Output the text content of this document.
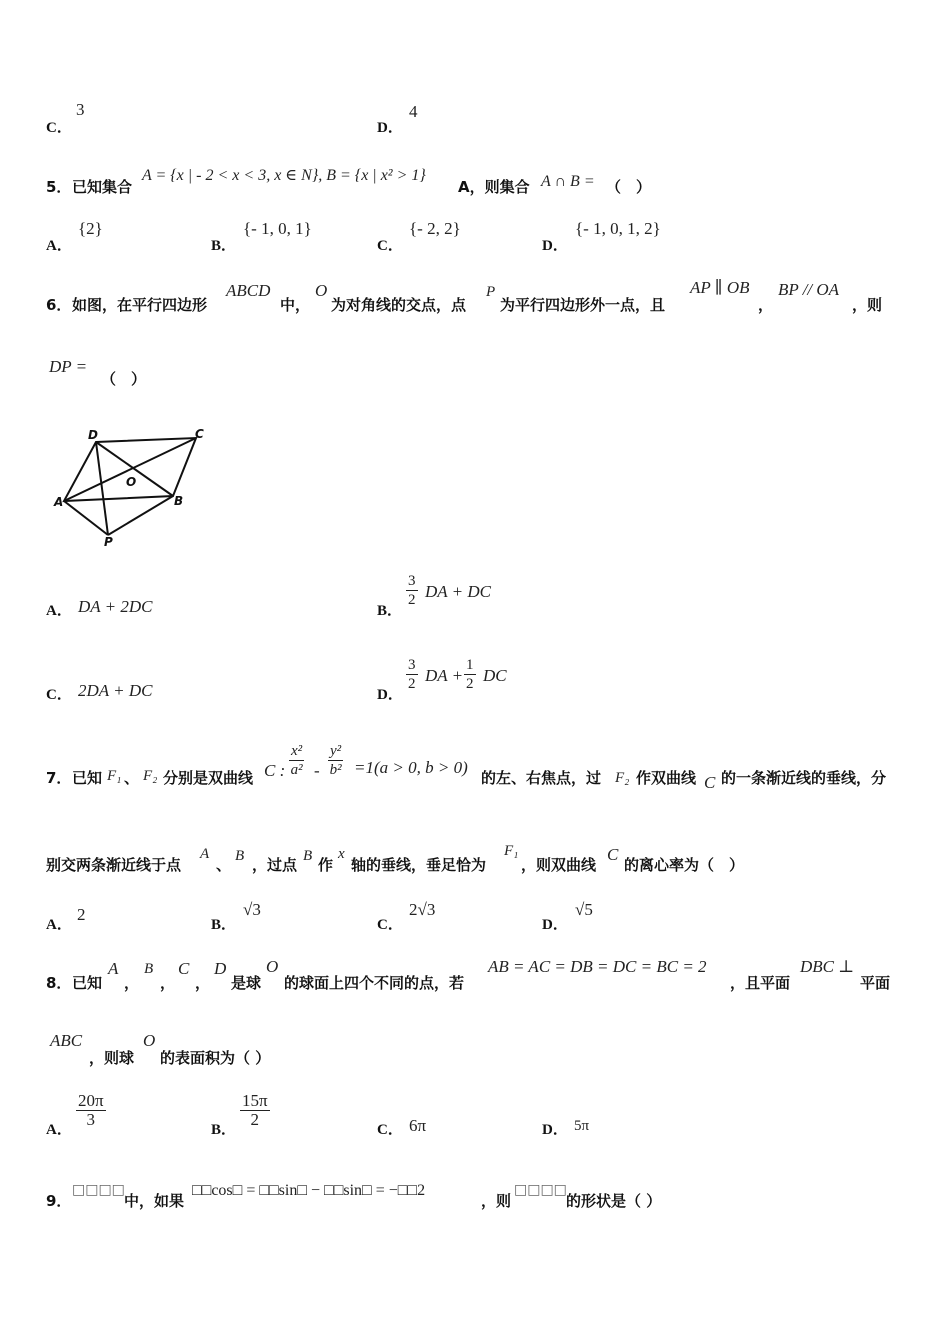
C．
3
D．
4
5． 已知集合
A = {x | - 2 < x < 3, x ∈ N}, B = {x | x² > 1}
A，则集合 A ∩ B = （　）
A．
{2}
B．
{- 1, 0, 1}
C．
{- 2, 2}
D．
{- 1, 0, 1, 2}
6． 如图，在平行四边形
ABCD
中，
O
为对角线的交点，点
P
为平行四边形外一点，且
AP ∥ OB
，
BP // OA
，则
DP =
（　）
D	C
A
O
B
P
A． DA + 2DC	B．
$\frac{3}{2}$ DA + DC
C． 2DA + DC	D．
$\frac{3}{2}$ DA + $\frac{1}{2}$ DC
7． 已知 F₁ 、 F₂ 分别是双曲线 C : $\frac{\text{x²}}{\text{a²}} - \frac{\text{y²}}{\text{b²}} =1(a > 0$, b > 0)
的左、右焦点，过 F₂ 作双曲线 C 的一条渐近线的垂线，分
别交两条渐近线于点
A
、 B ，过点 B 作
x
轴的垂线，垂足恰为
F₁
，则双曲线
C
的离心率为（　）
A．
2
B．
√3
C．
2√3
D．
√5
8． 已知
A
，
B
，
C
，
D
是球
O
的球面上四个不同的点，若
AB = AC = DB = DC = BC = 2
，且平面
DBC ⊥
平面
ABC
，则球
O
的表面积为（ ）
A．
$\frac{20\pi}{3}$
B．
$\frac{15\pi}{2}$
C． 6π	D． 5π
9．
□□□□
中，如果
□□cos□ = □□sin□ − □□sin□ = −□□2
，则
□□□□
的形状是（ ）
